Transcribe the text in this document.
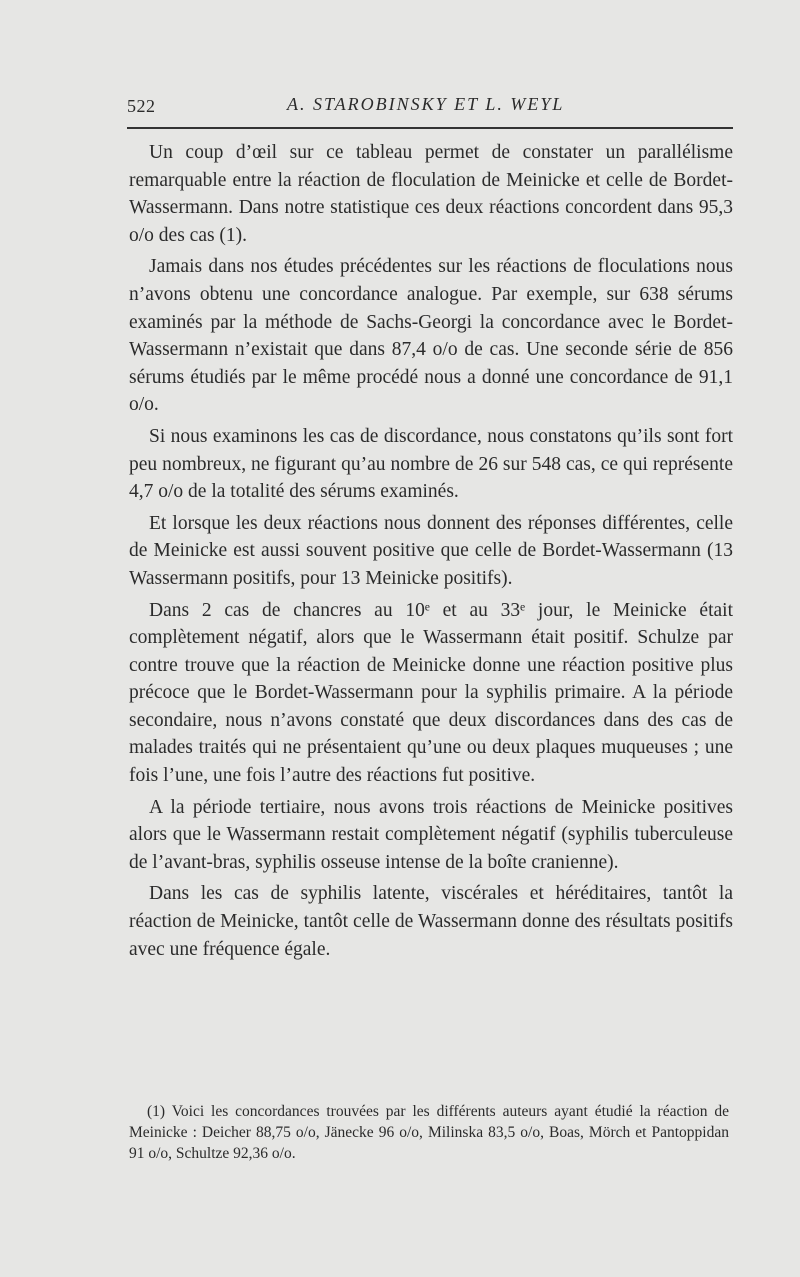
522	A. STAROBINSKY ET L. WEYL

Un coup d’œil sur ce tableau permet de constater un parallélisme remarquable entre la réaction de floculation de Meinicke et celle de Bordet-Wassermann. Dans notre statistique ces deux réactions concordent dans 95,3 o/o des cas (1).

Jamais dans nos études précédentes sur les réactions de floculations nous n’avons obtenu une concordance analogue. Par exemple, sur 638 sérums examinés par la méthode de Sachs-Georgi la concordance avec le Bordet-Wassermann n’existait que dans 87,4 o/o de cas. Une seconde série de 856 sérums étudiés par le même procédé nous a donné une concordance de 91,1 o/o.

Si nous examinons les cas de discordance, nous constatons qu’ils sont fort peu nombreux, ne figurant qu’au nombre de 26 sur 548 cas, ce qui représente 4,7 o/o de la totalité des sérums examinés.

Et lorsque les deux réactions nous donnent des réponses différentes, celle de Meinicke est aussi souvent positive que celle de Bordet-Wassermann (13 Wassermann positifs, pour 13 Meinicke positifs).

Dans 2 cas de chancres au 10ᵉ et au 33ᵉ jour, le Meinicke était complètement négatif, alors que le Wassermann était positif. Schulze par contre trouve que la réaction de Meinicke donne une réaction positive plus précoce que le Bordet-Wassermann pour la syphilis primaire. A la période secondaire, nous n’avons constaté que deux discordances dans des cas de malades traités qui ne présentaient qu’une ou deux plaques muqueuses ; une fois l’une, une fois l’autre des réactions fut positive.

A la période tertiaire, nous avons trois réactions de Meinicke positives alors que le Wassermann restait complètement négatif (syphilis tuberculeuse de l’avant-bras, syphilis osseuse intense de la boîte cranienne).

Dans les cas de syphilis latente, viscérales et héréditaires, tantôt la réaction de Meinicke, tantôt celle de Wassermann donne des résultats positifs avec une fréquence égale.

(1) Voici les concordances trouvées par les différents auteurs ayant étudié la réaction de Meinicke : Deicher 88,75 o/o, Jänecke 96 o/o, Milinska 83,5 o/o, Boas, Mörch et Pantoppidan 91 o/o, Schultze 92,36 o/o.
